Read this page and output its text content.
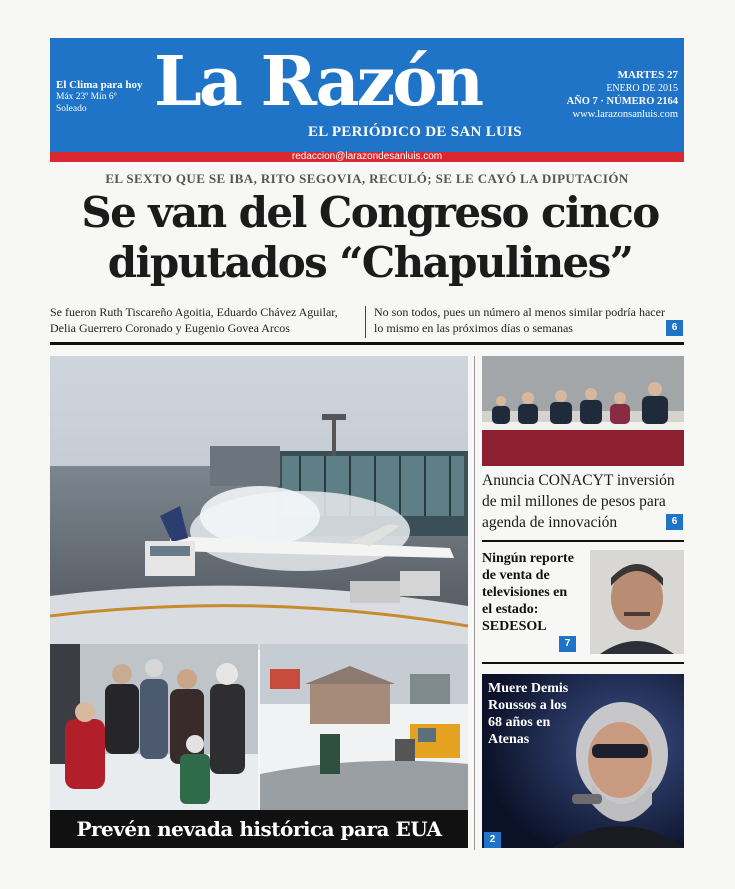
redaccion@larazondesanluis.com
La Razón
EL PERIÓDICO DE SAN LUIS
El Clima para hoy
Máx 23º Mín 6º
Soleado
MARTES 27
ENERO DE 2015
AÑO 7 · NÚMERO 2164
www.larazonsanluis.com
EL SEXTO QUE SE IBA, RITO SEGOVIA, RECULÓ; SE LE CAYÓ LA DIPUTACIÓN
Se van del Congreso cinco
diputados “Chapulines”
Se fueron Ruth Tiscareño Agoitia, Eduardo Chávez Aguilar, Delia Guerrero Coronado y Eugenio Govea Arcos
No son todos, pues un número al menos similar podría hacer lo mismo en las próximos días o semanas	6
Prevén nevada histórica para EUA
Anuncia CONACYT inversión de mil millones de pesos para agenda de innovación	6
Ningún reporte de venta de televisiones en el estado: SEDESOL
7
Muere Demis Roussos a los 68 años en Atenas
2
